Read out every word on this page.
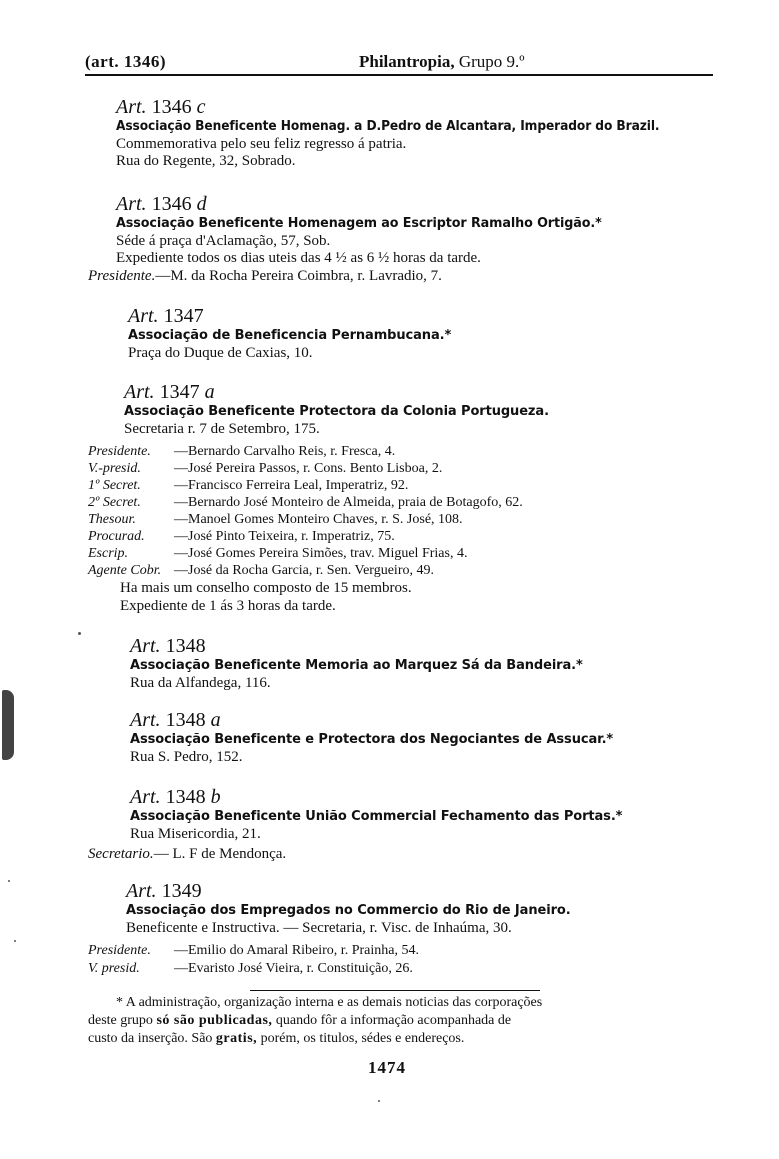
(art. 1346)	Philantropia, Grupo 9.º
Art. 1346 c
Associação Beneficente Homenag. a D.Pedro de Alcantara, Imperador do Brazil.
Commemorativa pelo seu feliz regresso á patria.
Rua do Regente, 32, Sobrado.
Art. 1346 d
Associação Beneficente Homenagem ao Escriptor Ramalho Ortigão.*
Séde á praça d'Aclamação, 57, Sob.
Expediente todos os dias uteis das 4 ½ as 6 ½ horas da tarde.
Presidente.—M. da Rocha Pereira Coimbra, r. Lavradio, 7.
Art. 1347
Associação de Beneficencia Pernambucana.*
Praça do Duque de Caxias, 10.
Art. 1347 a
Associação Beneficente Protectora da Colonia Portugueza.
Secretaria r. 7 de Setembro, 175.
Presidente. —Bernardo Carvalho Reis, r. Fresca, 4.
V.-presid. —José Pereira Passos, r. Cons. Bento Lisboa, 2.
1º Secret. —Francisco Ferreira Leal, Imperatriz, 92.
2º Secret. —Bernardo José Monteiro de Almeida, praia de Botagofo, 62.
Thesour.	—Manoel Gomes Monteiro Chaves, r. S. José, 108.
Procurad. —José Pinto Teixeira, r. Imperatriz, 75.
Escrip.	—José Gomes Pereira Simões, trav. Miguel Frias, 4.
Agente Cobr. —José da Rocha Garcia, r. Sen. Vergueiro, 49.
Ha mais um conselho composto de 15 membros.
Expediente de 1 ás 3 horas da tarde.
Art. 1348
Associação Beneficente Memoria ao Marquez Sá da Bandeira.*
Rua da Alfandega, 116.
Art. 1348 a
Associação Beneficente e Protectora dos Negociantes de Assucar.*
Rua S. Pedro, 152.
Art. 1348 b
Associação Beneficente União Commercial Fechamento das Portas.*
Rua Misericordia, 21.
Secretario.— L. F de Mendonça.
Art. 1349
Associação dos Empregados no Commercio do Rio de Janeiro.
Beneficente e Instructiva. — Secretaria, r. Visc. de Inhaúma, 30.
Presidente. —Emilio do Amaral Ribeiro, r. Prainha, 54.
V. presid. —Evaristo José Vieira, r. Constituição, 26.
* A administração, organização interna e as demais noticias das corporações
deste grupo só são publicadas, quando fôr a informação acompanhada de
custo da inserção. São gratis, porém, os titulos, sédes e endereços.
1474
